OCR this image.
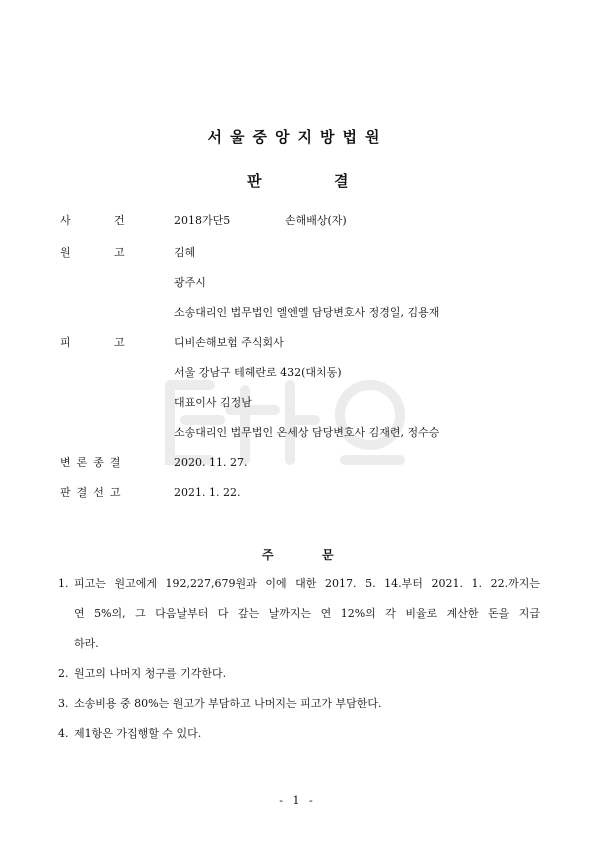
서울중앙지방법원
판	결
사	건	2018가단5	손해배상(자)
원	고	김혜
광주시
소송대리인 법무법인 엘엔엘 담당변호사 정경일, 김용재
피	고	디비손해보험 주식회사
서울 강남구 테헤란로 432(대치동)
대표이사 김정남
소송대리인 법무법인 온세상 담당변호사 김재련, 정수승
변론종결	2020. 11. 27.
판결선고	2021. 1. 22.
주	문
1. 피고는 원고에게 192,227,679원과 이에 대한 2017. 5. 14.부터 2021. 1. 22.까지는
연 5%의, 그 다음날부터 다 갚는 날까지는 연 12%의 각 비율로 계산한 돈을 지급
하라.
2. 원고의 나머지 청구를 기각한다.
3. 소송비용 중 80%는 원고가 부담하고 나머지는 피고가 부담한다.
4. 제1항은 가집행할 수 있다.
- 1 -
